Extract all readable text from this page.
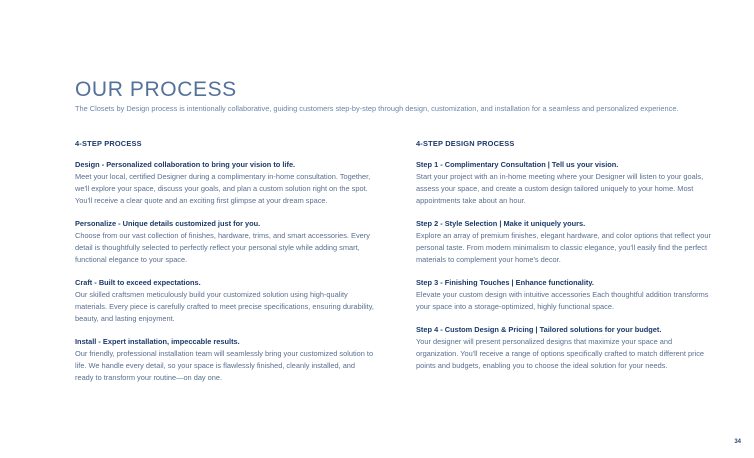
OUR PROCESS

The Closets by Design process is intentionally collaborative, guiding customers step-by-step through design, customization, and installation for a seamless and personalized experience.

4-STEP PROCESS

Design - Personalized collaboration to bring your vision to life.

Meet your local, certified Designer during a complimentary in-home consultation. Together, we'll explore your space, discuss your goals, and plan a custom solution right on the spot. You'll receive a clear quote and an exciting first glimpse at your dream space.

Personalize - Unique details customized just for you.

Choose from our vast collection of finishes, hardware, trims, and smart accessories. Every detail is thoughtfully selected to perfectly reflect your personal style while adding smart, functional elegance to your space.

Craft - Built to exceed expectations.

Our skilled craftsmen meticulously build your customized solution using high-quality materials. Every piece is carefully crafted to meet precise specifications, ensuring durability, beauty, and lasting enjoyment.

Install - Expert installation, impeccable results.

Our friendly, professional installation team will seamlessly bring your customized solution to life. We handle every detail, so your space is flawlessly finished, cleanly installed, and ready to transform your routine—on day one.

4-STEP DESIGN PROCESS

Step 1 - Complimentary Consultation | Tell us your vision.

Start your project with an in-home meeting where your Designer will listen to your goals, assess your space, and create a custom design tailored uniquely to your home. Most appointments take about an hour.

Step 2 - Style Selection | Make it uniquely yours.

Explore an array of premium finishes, elegant hardware, and color options that reflect your personal taste. From modern minimalism to classic elegance, you'll easily find the perfect materials to complement your home's decor.

Step 3 - Finishing Touches | Enhance functionality.

Elevate your custom design with intuitive accessories Each thoughtful addition transforms your space into a storage-optimized, highly functional space.

Step 4 - Custom Design & Pricing | Tailored solutions for your budget.

Your designer will present personalized designs that maximize your space and organization. You'll receive a range of options specifically crafted to match different price points and budgets, enabling you to choose the ideal solution for your needs.

34
